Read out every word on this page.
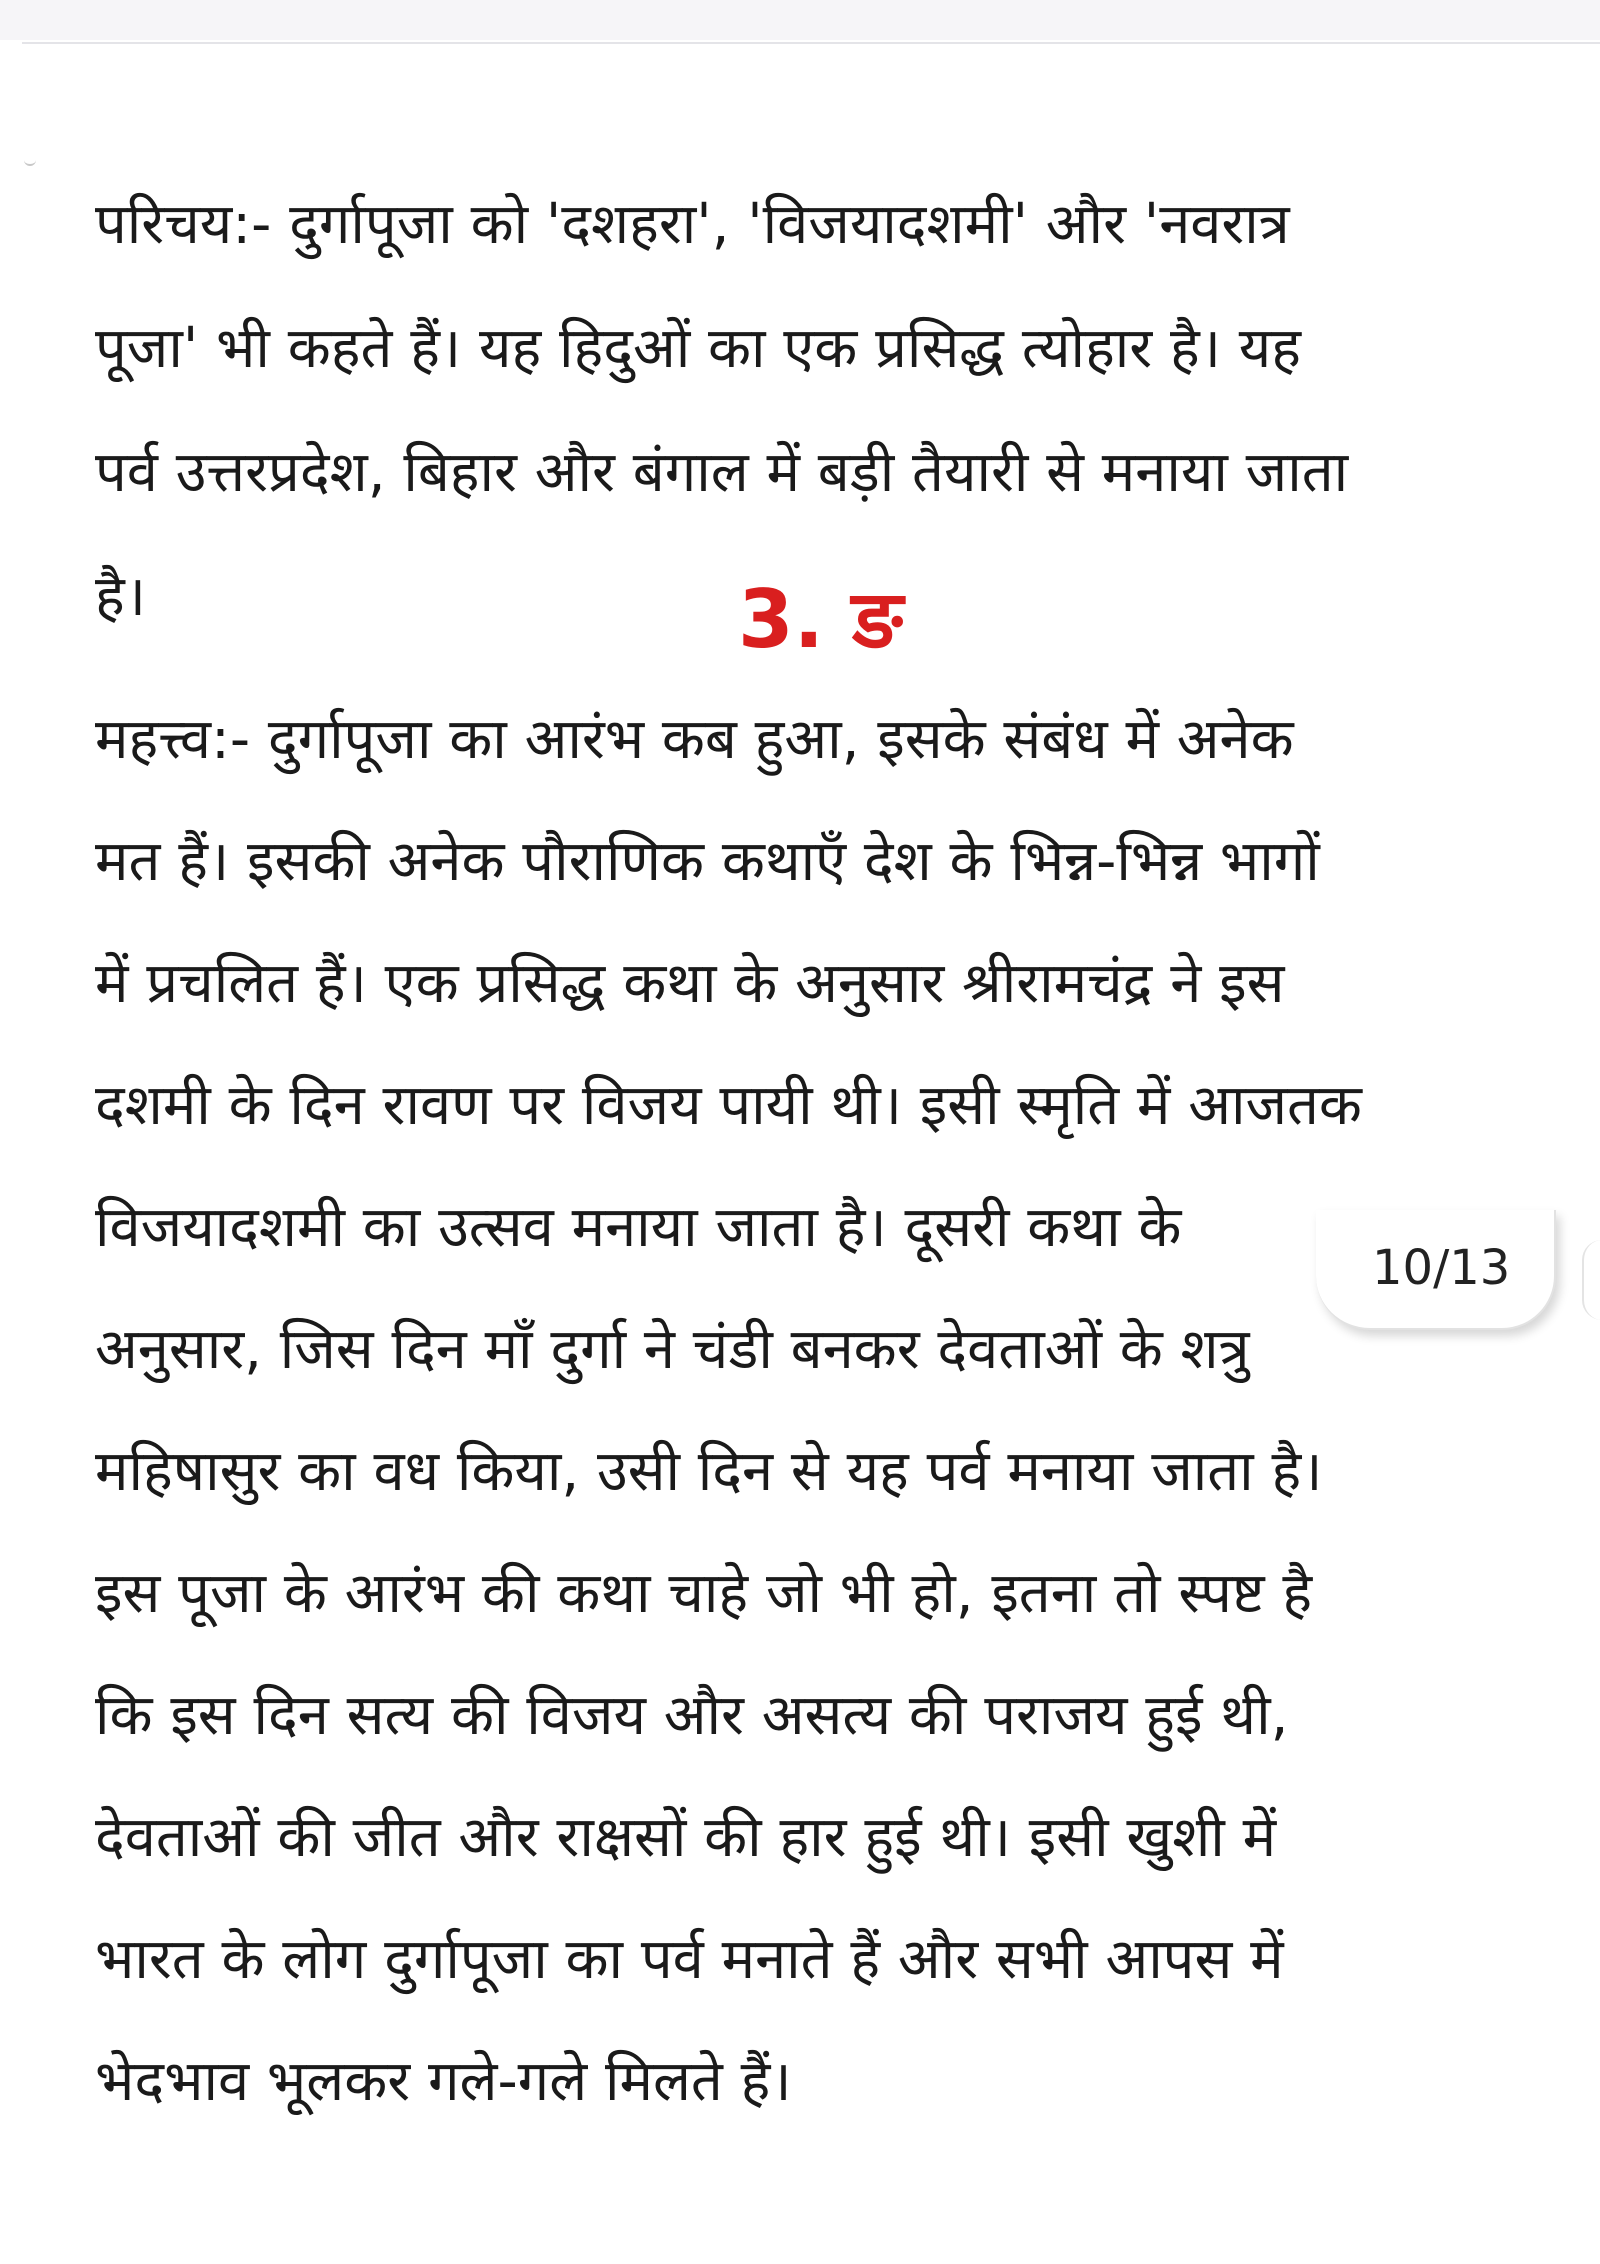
परिचय:- दुर्गापूजा को 'दशहरा', 'विजयादशमी' और 'नवरात्र
पूजा' भी कहते हैं। यह हिदुओं का एक प्रसिद्ध त्योहार है। यह
पर्व उत्तरप्रदेश, बिहार और बंगाल में बड़ी तैयारी से मनाया जाता
है।	3. ङ
महत्त्व:- दुर्गापूजा का आरंभ कब हुआ, इसके संबंध में अनेक
मत हैं। इसकी अनेक पौराणिक कथाएँ देश के भिन्न-भिन्न भागों
में प्रचलित हैं। एक प्रसिद्ध कथा के अनुसार श्रीरामचंद्र ने इस
दशमी के दिन रावण पर विजय पायी थी। इसी स्मृति में आजतक
विजयादशमी का उत्सव मनाया जाता है। दूसरी कथा के
अनुसार, जिस दिन माँ दुर्गा ने चंडी बनकर देवताओं के शत्रु
महिषासुर का वध किया, उसी दिन से यह पर्व मनाया जाता है।
इस पूजा के आरंभ की कथा चाहे जो भी हो, इतना तो स्पष्ट है
कि इस दिन सत्य की विजय और असत्य की पराजय हुई थी,
देवताओं की जीत और राक्षसों की हार हुई थी। इसी खुशी में
भारत के लोग दुर्गापूजा का पर्व मनाते हैं और सभी आपस में
भेदभाव भूलकर गले-गले मिलते हैं।
10/13
